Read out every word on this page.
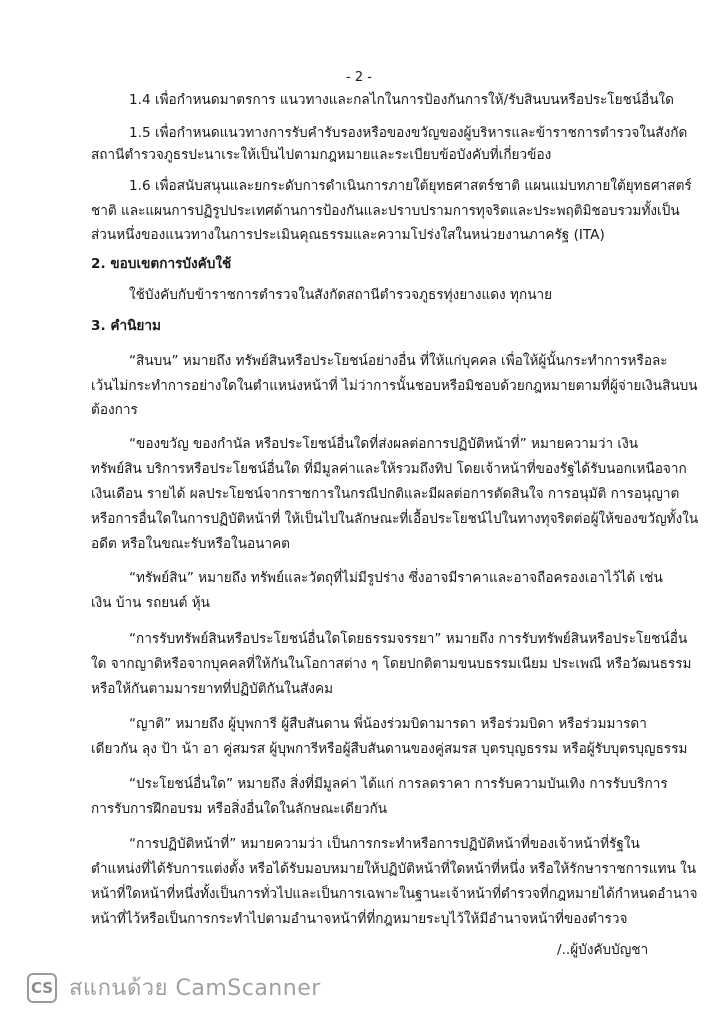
- 2 -
1.4 เพื่อกำหนดมาตรการ แนวทางและกลไกในการป้องกันการให้/รับสินบนหรือประโยชน์อื่นใด
1.5 เพื่อกำหนดแนวทางการรับคำรับรองหรือของขวัญของผู้บริหารและข้าราชการตำรวจในสังกัด
สถานีตำรวจภูธรปะนาเระให้เป็นไปตามกฎหมายและระเบียบข้อบังคับที่เกี่ยวข้อง
1.6 เพื่อสนับสนุนและยกระดับการดำเนินการภายใต้ยุทธศาสตร์ชาติ แผนแม่บทภายใต้ยุทธศาสตร์
ชาติ และแผนการปฏิรูปประเทศด้านการป้องกันและปราบปรามการทุจริตและประพฤติมิชอบรวมทั้งเป็น
ส่วนหนึ่งของแนวทางในการประเมินคุณธรรมและความโปร่งใสในหน่วยงานภาครัฐ (ITA)
2. ขอบเขตการบังคับใช้
ใช้บังคับกับข้าราชการตำรวจในสังกัดสถานีตำรวจภูธรทุ่งยางแดง ทุกนาย
3. คำนิยาม
“สินบน” หมายถึง ทรัพย์สินหรือประโยชน์อย่างอื่น ที่ให้แก่บุคคล เพื่อให้ผู้นั้นกระทำการหรือละ
เว้นไม่กระทำการอย่างใดในตำแหน่งหน้าที่ ไม่ว่าการนั้นชอบหรือมิชอบด้วยกฎหมายตามที่ผู้จ่ายเงินสินบน
ต้องการ
“ของขวัญ ของกำนัล หรือประโยชน์อื่นใดที่ส่งผลต่อการปฏิบัติหน้าที่” หมายความว่า เงิน
ทรัพย์สิน บริการหรือประโยชน์อื่นใด ที่มีมูลค่าและให้รวมถึงทิป โดยเจ้าหน้าที่ของรัฐได้รับนอกเหนือจาก
เงินเดือน รายได้ ผลประโยชน์จากราชการในกรณีปกติและมีผลต่อการตัดสินใจ การอนุมัติ การอนุญาต
หรือการอื่นใดในการปฏิบัติหน้าที่ ให้เป็นไปในลักษณะที่เอื้อประโยชน์ไปในทางทุจริตต่อผู้ให้ของขวัญทั้งใน
อดีต หรือในขณะรับหรือในอนาคต
“ทรัพย์สิน” หมายถึง ทรัพย์และวัตถุที่ไม่มีรูปร่าง ซึ่งอาจมีราคาและอาจถือครองเอาไว้ได้ เช่น
เงิน บ้าน รถยนต์ หุ้น
“การรับทรัพย์สินหรือประโยชน์อื่นใดโดยธรรมจรรยา” หมายถึง การรับทรัพย์สินหรือประโยชน์อื่น
ใด จากญาติหรือจากบุคคลที่ให้กันในโอกาสต่าง ๆ โดยปกติตามขนบธรรมเนียม ประเพณี หรือวัฒนธรรม
หรือให้กันตามมารยาทที่ปฏิบัติกันในสังคม
“ญาติ” หมายถึง ผู้บุพการี ผู้สืบสันดาน พี่น้องร่วมบิดามารดา หรือร่วมบิดา หรือร่วมมารดา
เดียวกัน ลุง ป้า น้า อา คู่สมรส ผู้บุพการีหรือผู้สืบสันดานของคู่สมรส บุตรบุญธรรม หรือผู้รับบุตรบุญธรรม
“ประโยชน์อื่นใด” หมายถึง สิ่งที่มีมูลค่า ได้แก่ การลดราคา การรับความบันเทิง การรับบริการ
การรับการฝึกอบรม หรือสิ่งอื่นใดในลักษณะเดียวกัน
“การปฏิบัติหน้าที่” หมายความว่า เป็นการกระทำหรือการปฏิบัติหน้าที่ของเจ้าหน้าที่รัฐใน
ตำแหน่งที่ได้รับการแต่งตั้ง หรือได้รับมอบหมายให้ปฏิบัติหน้าที่ใดหน้าที่หนึ่ง หรือให้รักษาราชการแทน ใน
หน้าที่ใดหน้าที่หนึ่งทั้งเป็นการทั่วไปและเป็นการเฉพาะในฐานะเจ้าหน้าที่ตำรวจที่กฎหมายได้กำหนดอำนาจ
หน้าที่ไว้หรือเป็นการกระทำไปตามอำนาจหน้าที่ที่กฎหมายระบุไว้ให้มีอำนาจหน้าที่ของตำรวจ
/..ผู้บังคับบัญชา
CS สแกนด้วย CamScanner
